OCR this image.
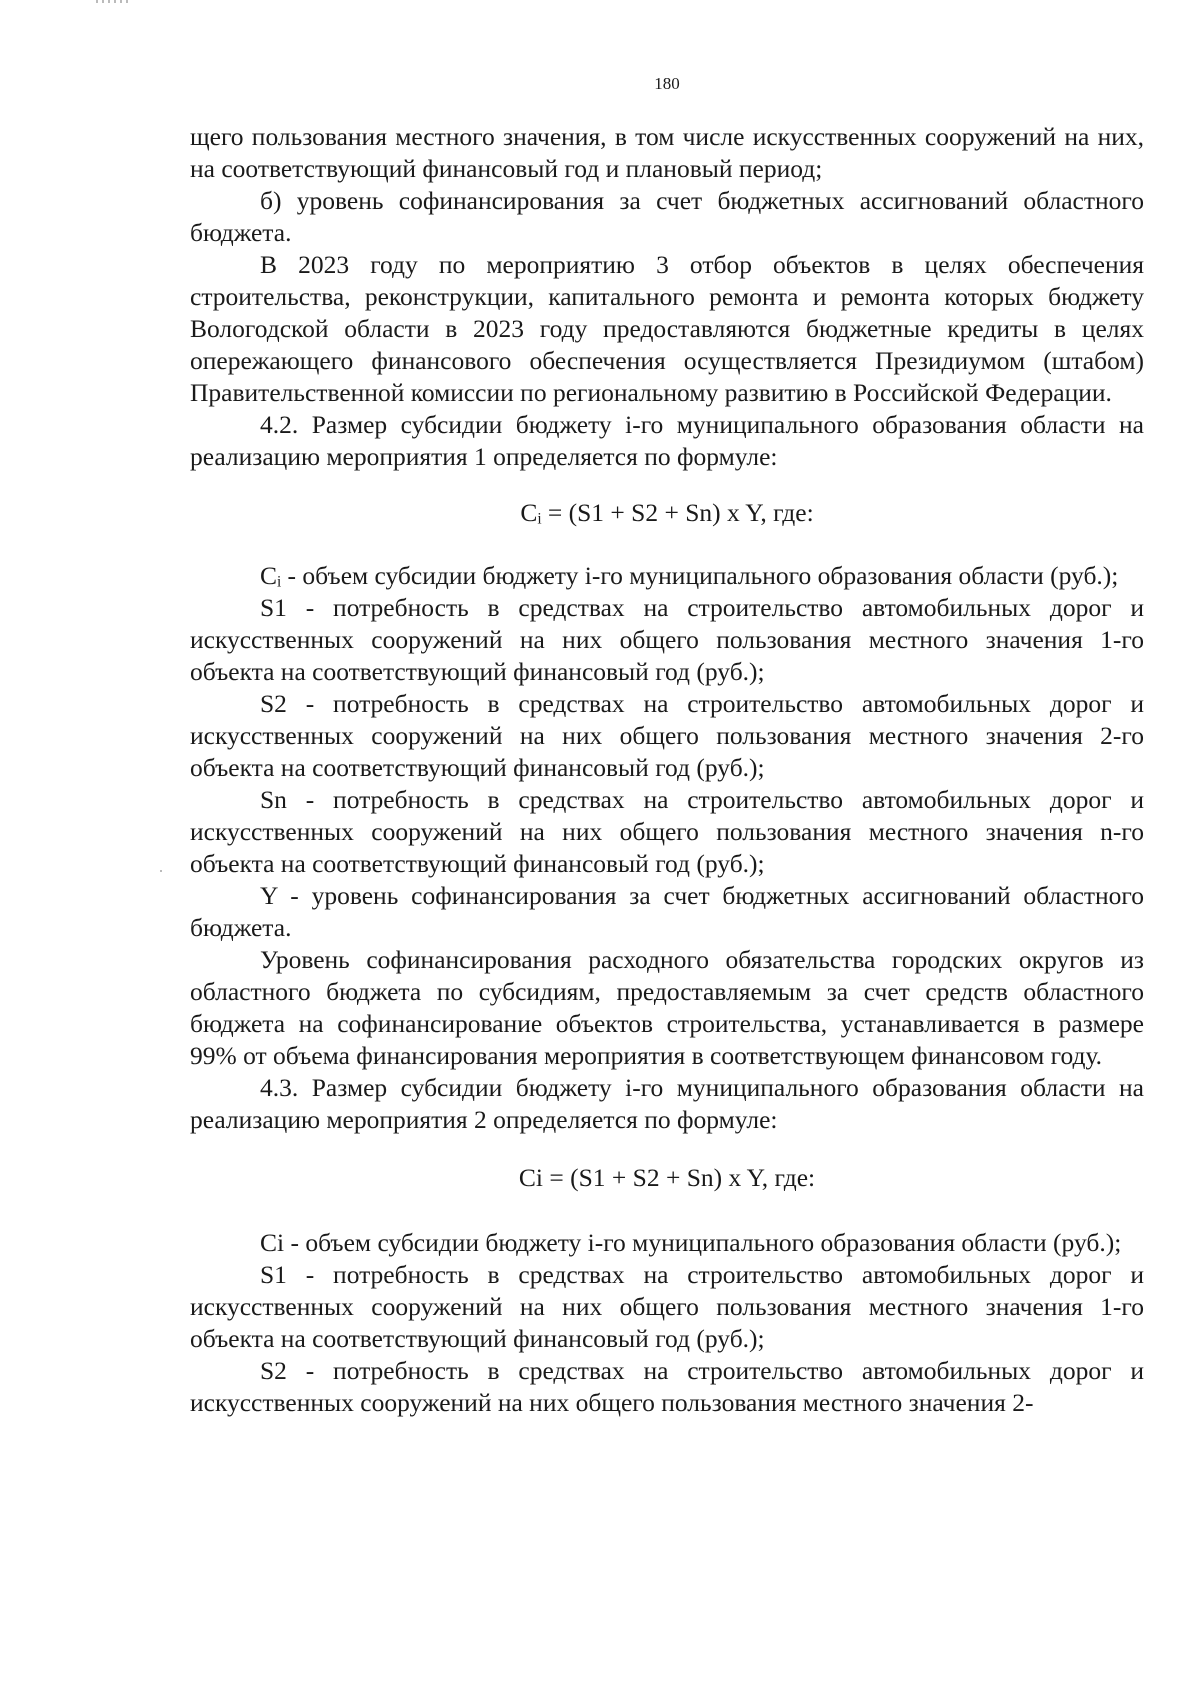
180

щего пользования местного значения, в том числе искусственных сооружений на них, на соответствующий финансовый год и плановый период;

б) уровень софинансирования за счет бюджетных ассигнований областного бюджета.

В 2023 году по мероприятию 3 отбор объектов в целях обеспечения строительства, реконструкции, капитального ремонта и ремонта которых бюджету Вологодской области в 2023 году предоставляются бюджетные кредиты в целях опережающего финансового обеспечения осуществляется Президиумом (штабом) Правительственной комиссии по региональному развитию в Российской Федерации.

4.2. Размер субсидии бюджету i-го муниципального образования области на реализацию мероприятия 1 определяется по формуле:

Cᵢ = (S1 + S2 + Sn) x Y, где:

Cᵢ - объем субсидии бюджету i-го муниципального образования области (руб.);

S1 - потребность в средствах на строительство автомобильных дорог и искусственных сооружений на них общего пользования местного значения 1-го объекта на соответствующий финансовый год (руб.);

S2 - потребность в средствах на строительство автомобильных дорог и искусственных сооружений на них общего пользования местного значения 2-го объекта на соответствующий финансовый год (руб.);

Sn - потребность в средствах на строительство автомобильных дорог и искусственных сооружений на них общего пользования местного значения n-го объекта на соответствующий финансовый год (руб.);

Y - уровень софинансирования за счет бюджетных ассигнований областного бюджета.

Уровень софинансирования расходного обязательства городских округов из областного бюджета по субсидиям, предоставляемым за счет средств областного бюджета на софинансирование объектов строительства, устанавливается в размере 99% от объема финансирования мероприятия в соответствующем финансовом году.

4.3. Размер субсидии бюджету i-го муниципального образования области на реализацию мероприятия 2 определяется по формуле:

Ci = (S1 + S2 + Sn) x Y, где:

Ci - объем субсидии бюджету i-го муниципального образования области (руб.);

S1 - потребность в средствах на строительство автомобильных дорог и искусственных сооружений на них общего пользования местного значения 1-го объекта на соответствующий финансовый год (руб.);

S2 - потребность в средствах на строительство автомобильных дорог и искусственных сооружений на них общего пользования местного значения 2-
